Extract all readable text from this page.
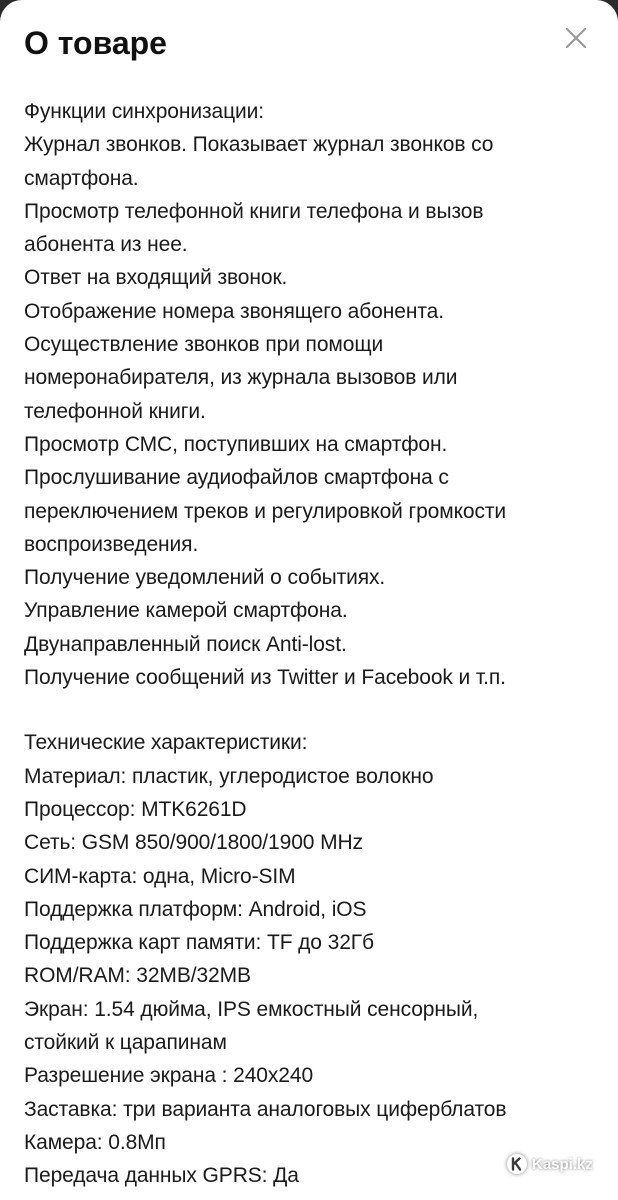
О товаре
Функции синхронизации:
Журнал звонков. Показывает журнал звонков со
смартфона.
Просмотр телефонной книги телефона и вызов
абонента из нее.
Ответ на входящий звонок.
Отображение номера звонящего абонента.
Осуществление звонков при помощи
номеронабирателя, из журнала вызовов или
телефонной книги.
Просмотр СМС, поступивших на смартфон.
Прослушивание аудиофайлов смартфона с
переключением треков и регулировкой громкости
воспроизведения.
Получение уведомлений о событиях.
Управление камерой смартфона.
Двунаправленный поиск Anti-lost.
Получение сообщений из Twitter и Facebook и т.п.
Технические характеристики:
Материал: пластик, углеродистое волокно
Процессор: MTK6261D
Сеть: GSM 850/900/1800/1900 MHz
СИМ-карта: одна, Micro-SIM
Поддержка платформ: Android, iOS
Поддержка карт памяти: TF до 32Гб
ROM/RAM: 32MB/32MB
Экран: 1.54 дюйма, IPS емкостный сенсорный,
стойкий к царапинам
Разрешение экрана : 240x240
Заставка: три варианта аналоговых циферблатов
Камера: 0.8Мп
Передача данных GPRS: Да
Kaspi.kz
